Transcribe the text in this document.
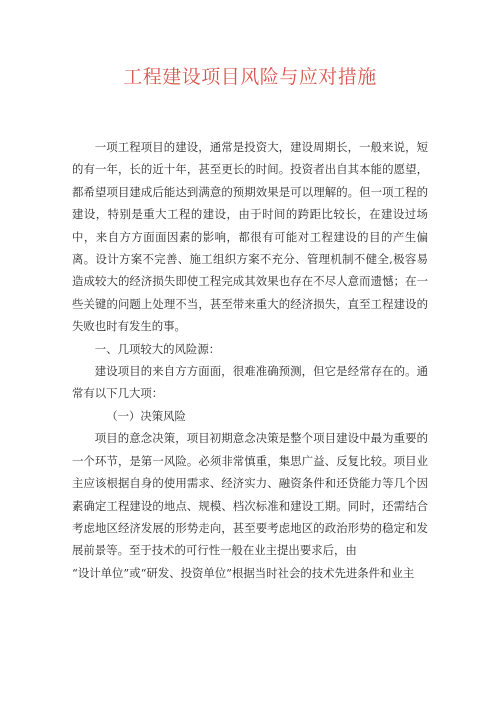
工程建设项目风险与应对措施

一项工程项目的建设，通常是投资大，建设周期长，一般来说，短的有一年，长的近十年，甚至更长的时间。投资者出自其本能的愿望，都希望项目建成后能达到满意的预期效果是可以理解的。但一项工程的建设，特别是重大工程的建设，由于时间的跨距比较长，在建设过场中，来自方方面面因素的影响，都很有可能对工程建设的目的产生偏离。设计方案不完善、施工组织方案不充分、管理机制不健全,极容易造成较大的经济损失即使工程完成其效果也存在不尽人意而遗憾；在一些关键的问题上处理不当，甚至带来重大的经济损失，直至工程建设的失败也时有发生的事。

一、几项较大的风险源：

建设项目的来自方方面面，很难准确预测，但它是经常存在的。通常有以下几大项：

（一）决策风险

项目的意念决策，项目初期意念决策是整个项目建设中最为重要的一个环节，是第一风险。必须非常慎重，集思广益、反复比较。项目业主应该根据自身的使用需求、经济实力、融资条件和还贷能力等几个因素确定工程建设的地点、规模、档次标准和建设工期。同时，还需结合考虑地区经济发展的形势走向，甚至要考虑地区的政治形势的稳定和发展前景等。至于技术的可行性一般在业主提出要求后，由

“设计单位”或“研发、投资单位”根据当时社会的技术先进条件和业主
